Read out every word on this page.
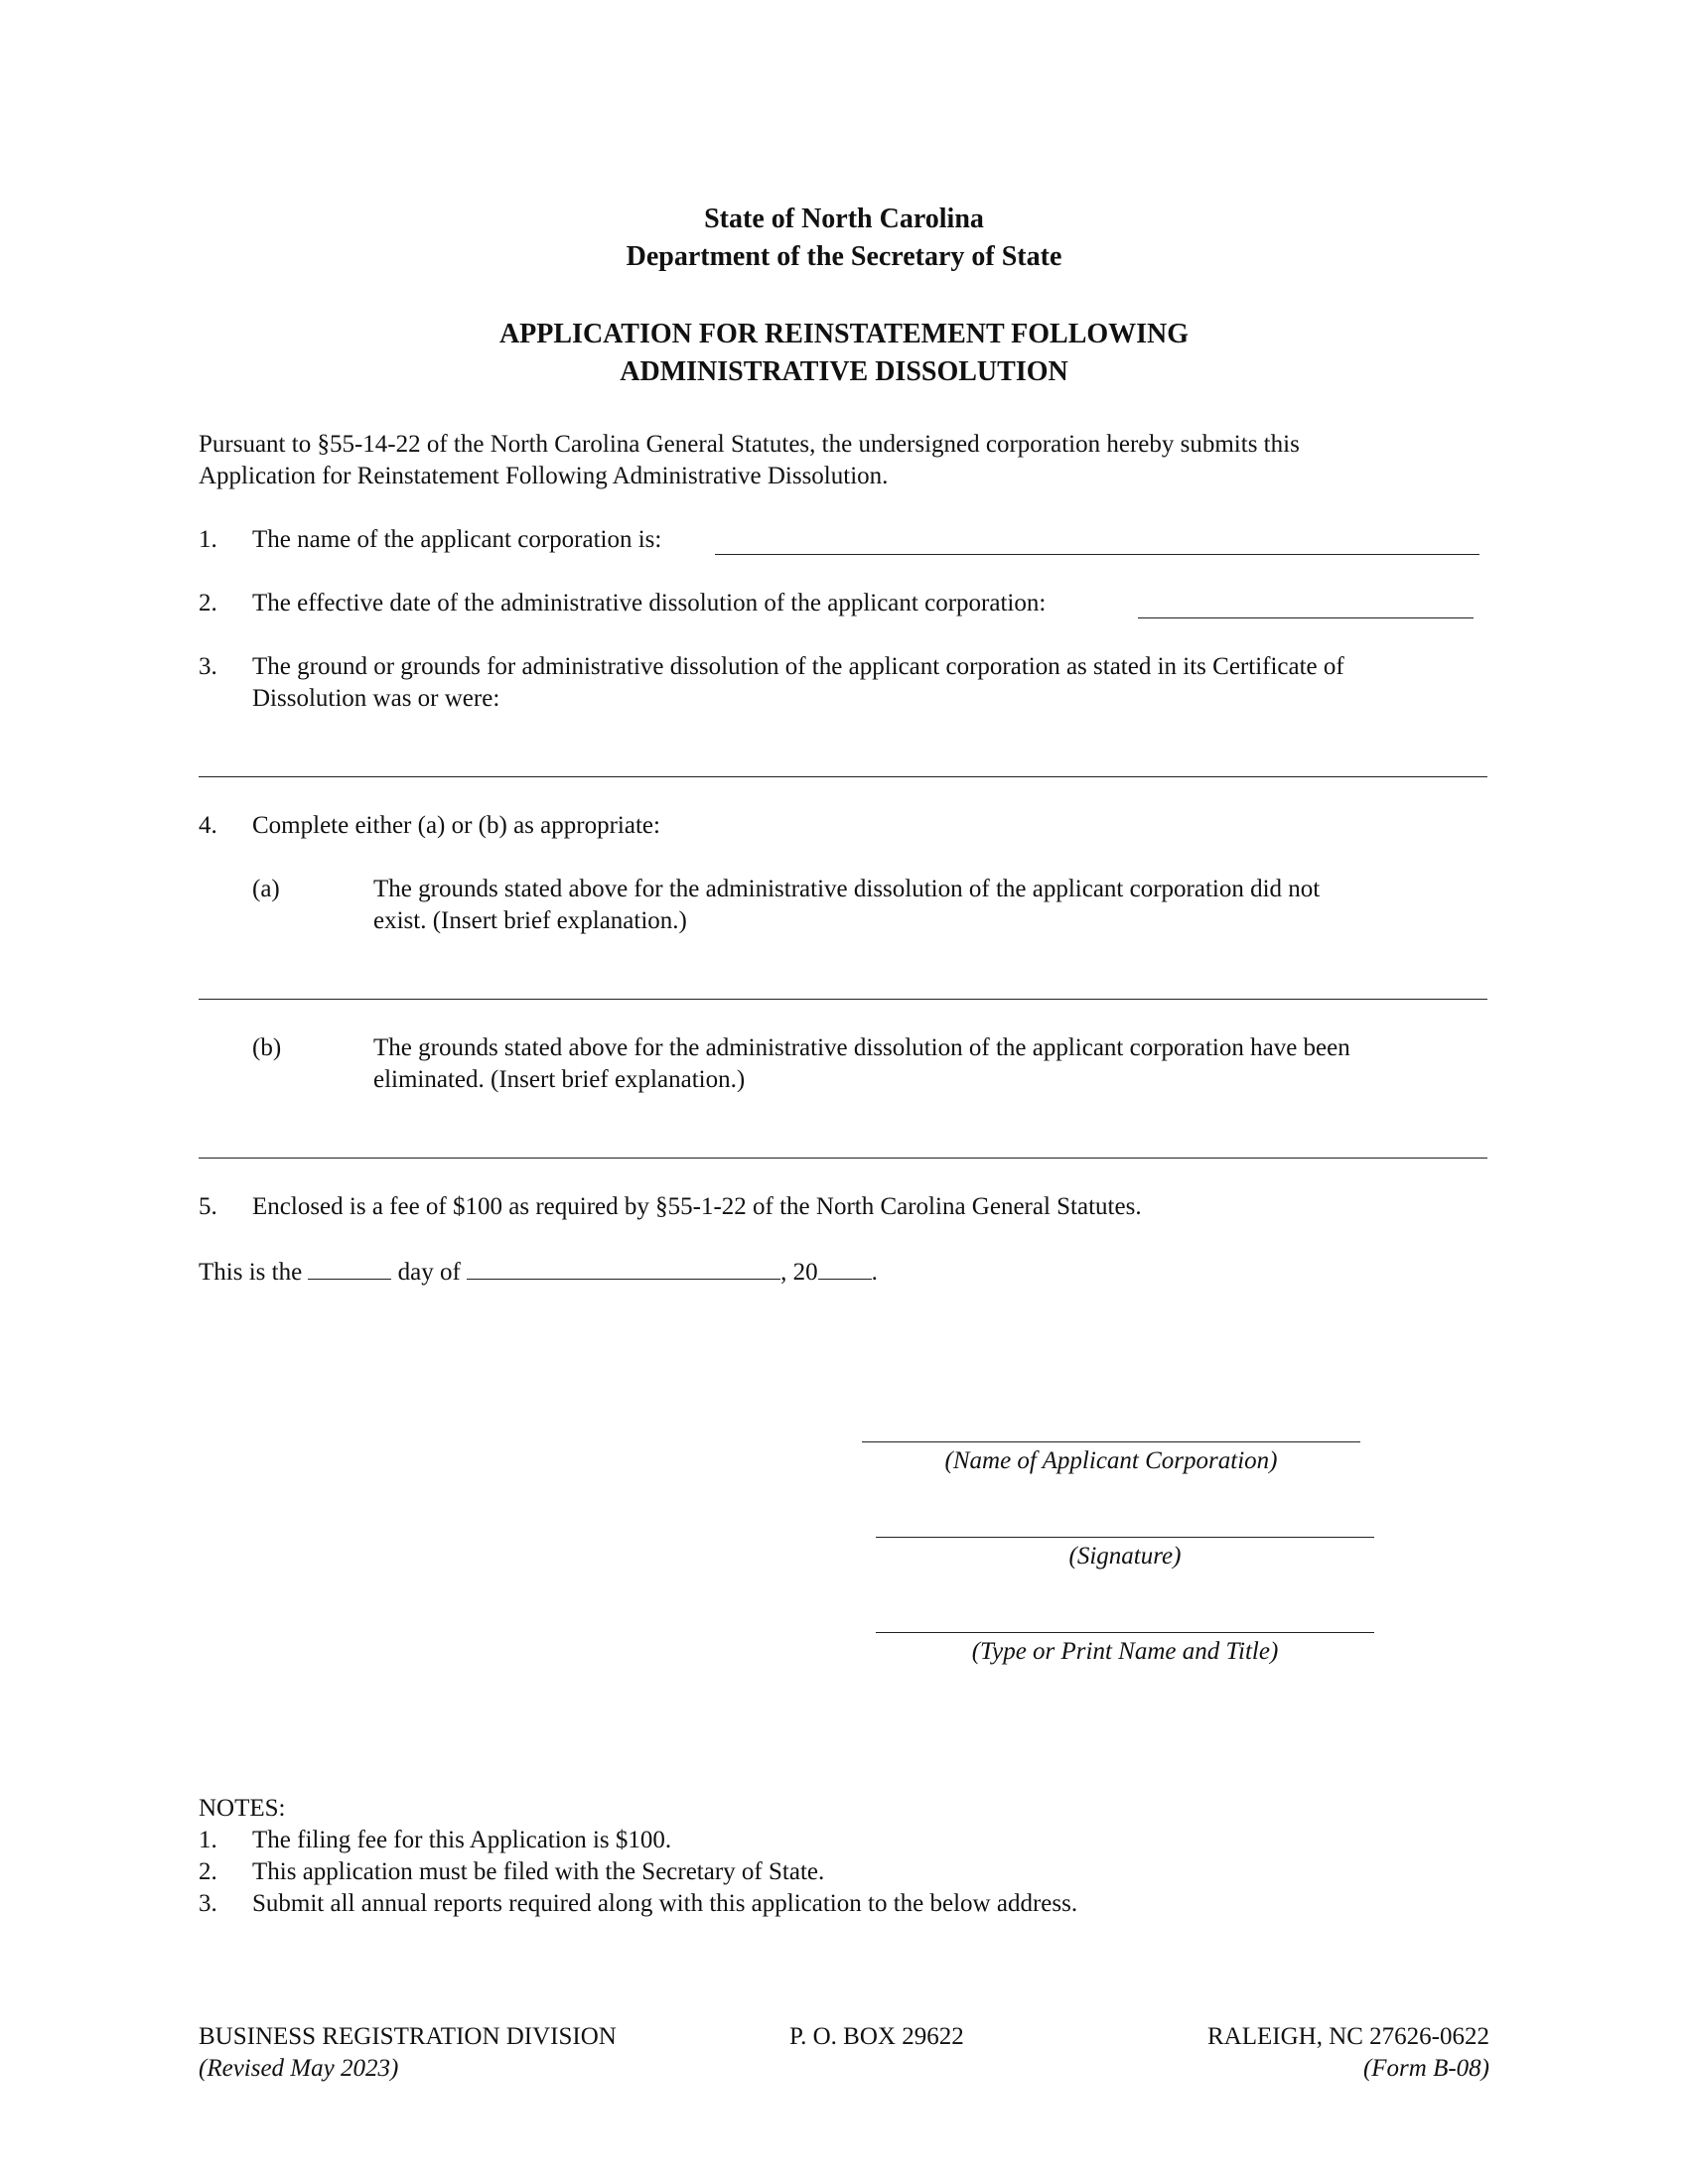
State of North Carolina
Department of the Secretary of State
APPLICATION FOR REINSTATEMENT FOLLOWING
ADMINISTRATIVE DISSOLUTION
Pursuant to §55-14-22 of the North Carolina General Statutes, the undersigned corporation hereby submits this
Application for Reinstatement Following Administrative Dissolution.
1. The name of the applicant corporation is:
2. The effective date of the administrative dissolution of the applicant corporation:
3. The ground or grounds for administrative dissolution of the applicant corporation as stated in its Certificate of
Dissolution was or were:
4. Complete either (a) or (b) as appropriate:
(a)	The grounds stated above for the administrative dissolution of the applicant corporation did not
exist. (Insert brief explanation.)
(b)	The grounds stated above for the administrative dissolution of the applicant corporation have been
eliminated. (Insert brief explanation.)
5. Enclosed is a fee of $100 as required by §55-1-22 of the North Carolina General Statutes.
This is the	day of	, 20 .
(Name of Applicant Corporation)
(Signature)
(Type or Print Name and Title)
NOTES:
1. The filing fee for this Application is $100.
2. This application must be filed with the Secretary of State.
3. Submit all annual reports required along with this application to the below address.
BUSINESS REGISTRATION DIVISION	P. O. BOX 29622	RALEIGH, NC 27626-0622
(Revised May 2023)	(Form B-08)
